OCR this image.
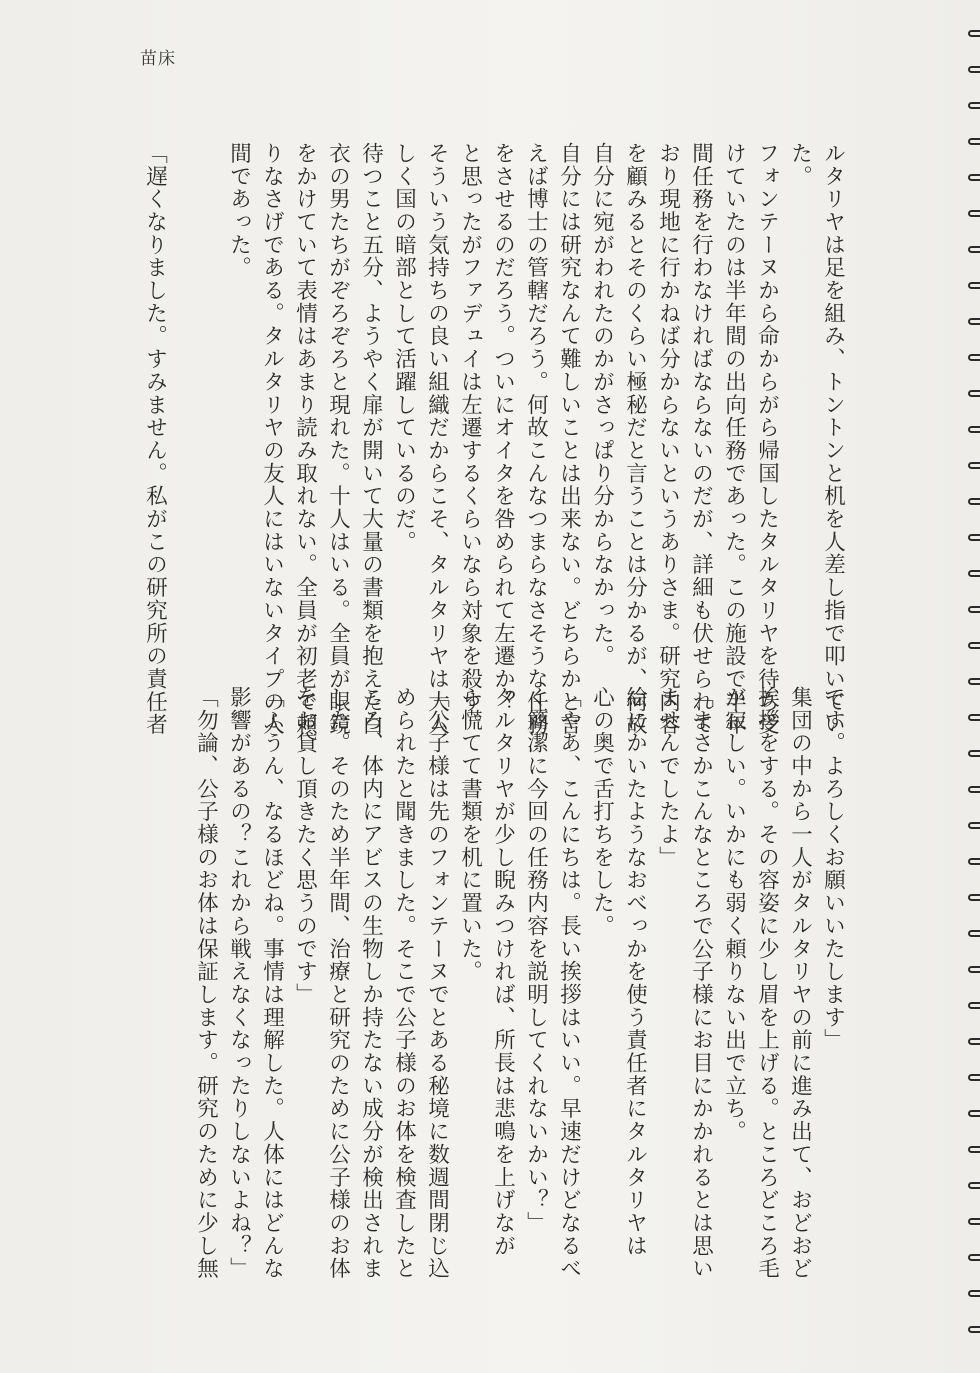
苗床
ルタリヤは足を組み、トントンと机を人差し指で叩いてい
た。
フォンテーヌから命からがら帰国したタルタリヤを待ち受
けていたのは半年間の出向任務であった。この施設で半年
間任務を行わなければならないのだが、詳細も伏せられて
おり現地に行かねば分からないというありさま。研究内容
を顧みるとそのくらい極秘だと言うことは分かるが、何故
自分に宛がわれたのかがさっぱり分からなかった。
自分には研究なんて難しいことは出来ない。どちらかと言
えば博士の管轄だろう。何故こんなつまらなさそうな任務
をさせるのだろう。ついにオイタを咎められて左遷か？
と思ったがファデュイは左遷するくらいなら対象を殺す。
そういう気持ちの良い組織だからこそ、タルタリヤは大人
しく国の暗部として活躍しているのだ。
待つこと五分、ようやく扉が開いて大量の書類を抱えた白
衣の男たちがぞろぞろと現れた。十人はいる。全員が眼鏡
をかけていて表情はあまり読み取れない。全員が初老で頼
りなさげである。タルタリヤの友人にはいないタイプの人
間であった。
「遅くなりました。すみません。私がこの研究所の責任者
です。よろしくお願いいたします」
集団の中から一人がタルタリヤの前に進み出て、おどおど
挨拶をする。その容姿に少し眉を上げる。ところどころ毛
が寂しい。いかにも弱く頼りない出で立ち。
「まさかこんなところで公子様にお目にかかれるとは思い
ませんでしたよ」
絵にかいたようなおべっかを使う責任者にタルタリヤは
心の奥で舌打ちをした。
「やあ、こんにちは。長い挨拶はいい。早速だけどなるべ
く簡潔に今回の任務内容を説明してくれないかい？」
タルタリヤが少し睨みつければ、所長は悲鳴を上げなが
ら慌てて書類を机に置いた。
「公子様は先のフォンテーヌでとある秘境に数週間閉じ込
められたと聞きました。そこで公子様のお体を検査したと
ころ、体内にアビスの生物しか持たない成分が検出されま
した。そのため半年間、治療と研究のために公子様のお体
をお貸し頂きたく思うのです」
「ふうん、なるほどね。事情は理解した。人体にはどんな
影響があるの？これから戦えなくなったりしないよね？」
「勿論、公子様のお体は保証します。研究のために少し無
